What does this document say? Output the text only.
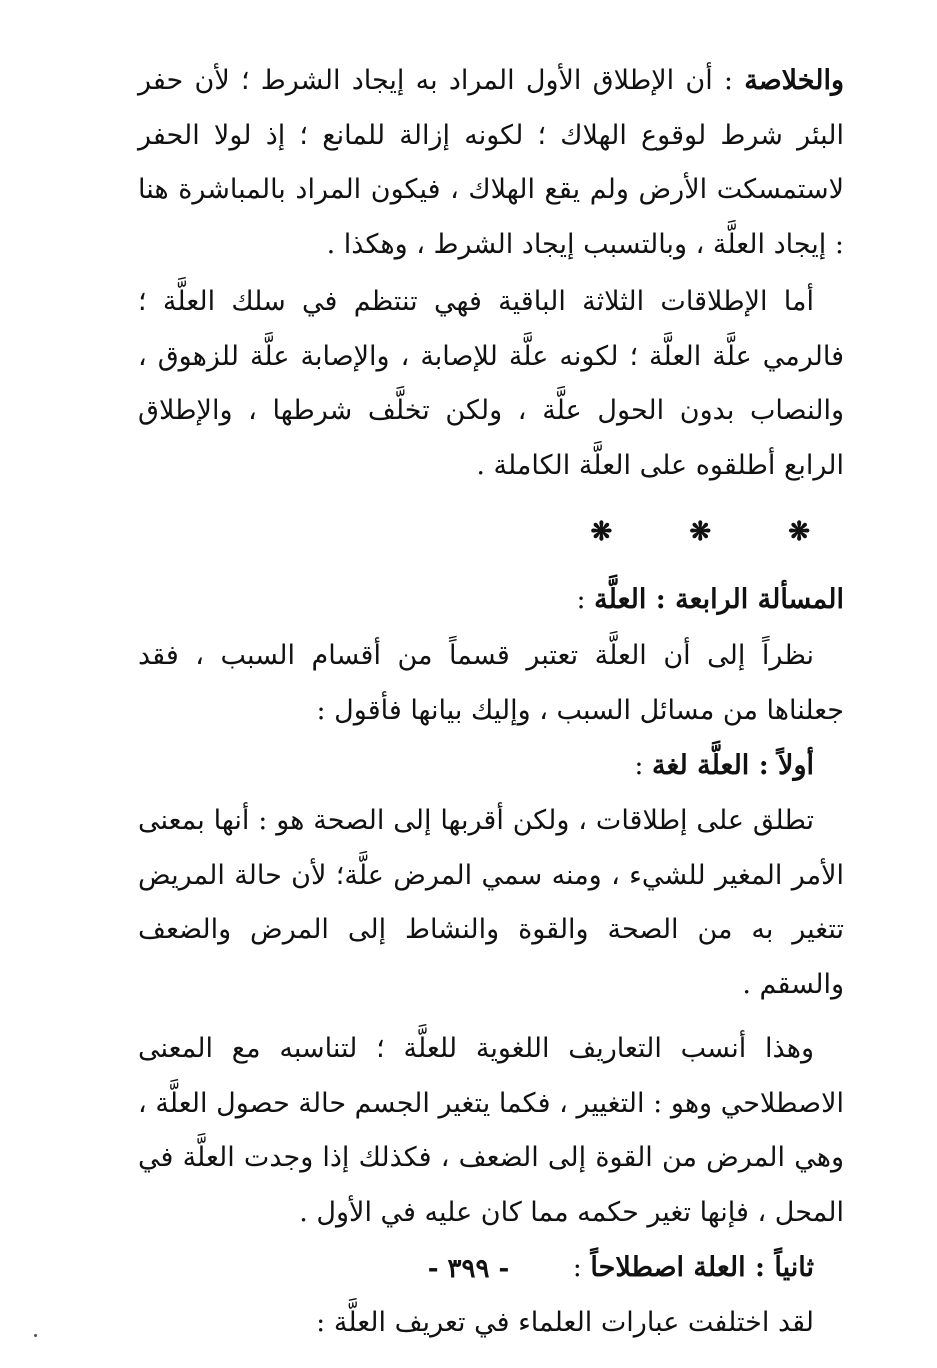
والخلاصة : أن الإطلاق الأول المراد به إيجاد الشرط ؛ لأن حفر البئر شرط لوقوع الهلاك ؛ لكونه إزالة للمانع ؛ إذ لولا الحفر لاستمسكت الأرض ولم يقع الهلاك ، فيكون المراد بالمباشرة هنا : إيجاد العلَّة ، وبالتسبب إيجاد الشرط ، وهكذا .

أما الإطلاقات الثلاثة الباقية فهي تنتظم في سلك العلَّة ؛ فالرمي علَّة العلَّة ؛ لكونه علَّة للإصابة ، والإصابة علَّة للزهوق ، والنصاب بدون الحول علَّة ، ولكن تخلَّف شرطها ، والإطلاق الرابع أطلقوه على العلَّة الكاملة .

❋	❋	❋

المسألة الرابعة : العلَّة :

نظراً إلى أن العلَّة تعتبر قسماً من أقسام السبب ، فقد جعلناها من مسائل السبب ، وإليك بيانها فأقول :

أولاً : العلَّة لغة :

تطلق على إطلاقات ، ولكن أقربها إلى الصحة هو : أنها بمعنى الأمر المغير للشيء ، ومنه سمي المرض علَّة؛ لأن حالة المريض تتغير به من الصحة والقوة والنشاط إلى المرض والضعف والسقم .

وهذا أنسب التعاريف اللغوية للعلَّة ؛ لتناسبه مع المعنى الاصطلاحي وهو : التغيير ، فكما يتغير الجسم حالة حصول العلَّة ، وهي المرض من القوة إلى الضعف ، فكذلك إذا وجدت العلَّة في المحل ، فإنها تغير حكمه مما كان عليه في الأول .

ثانياً : العلة اصطلاحاً :

لقد اختلفت عبارات العلماء في تعريف العلَّة :

- ٣٩٩ -
